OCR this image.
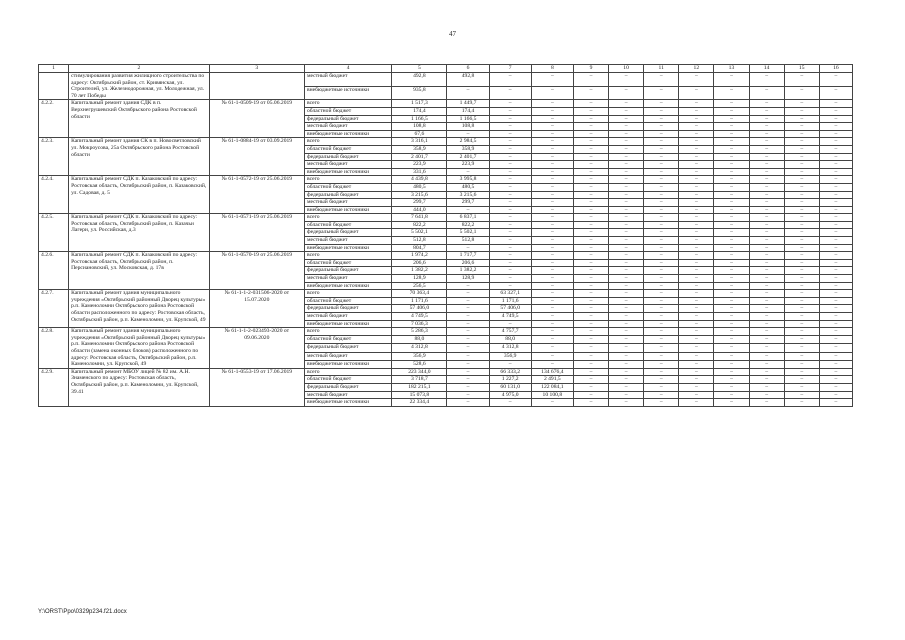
47
1	2	3	4	5	6	7	8	9	10	11	12	13	14	15	16
	стимулирования развития жилищного строительства по адресу: Октябрьский район, ст. Кривянская, ул. Строителей, ул. Железнодорожная, ул. Молодежная, ул. 70 лет Победы		местный бюджет	492,8	492,8	–	–	–	–	–	–	–	–	–	–
			внебюджетные источники	935,8	–	–	–	–	–	–	–	–	–	–	–
4.2.2.	Капитальный ремонт здания СДК в п. Верхнегрушевский Октябрьского района Ростовской области	№ 61-1-0509-19 от 05.06.2019	всего	1 517,3	1 449,7	–	–	–	–	–	–	–	–	–	–
			областной бюджет	174,4	174,4	–	–	–	–	–	–	–	–	–	–
			федеральный бюджет	1 166,5	1 166,5	–	–	–	–	–	–	–	–	–	–
			местный бюджет	108,8	108,8	–	–	–	–	–	–	–	–	–	–
			внебюджетные источники	67,6	–	–	–	–	–	–	–	–	–	–	–
4.2.3.	Капитальный ремонт здания СК в п. Новосветловский ул. Мокроусова, 25а Октябрьского района Ростовской области	№ 61-1-0884-19 от 03.09.2019	всего	3 316,1	2 984,5	–	–	–	–	–	–	–	–	–	–
			областной бюджет	358,9	358,9	–	–	–	–	–	–	–	–	–	–
			федеральный бюджет	2 401,7	2 401,7	–	–	–	–	–	–	–	–	–	–
			местный бюджет	223,9	223,9	–	–	–	–	–	–	–	–	–	–
			внебюджетные источники	331,6	–	–	–	–	–	–	–	–	–	–	–
4.2.4.	Капитальный ремонт СДК п. Казаковский по адресу: Ростовская область, Октябрьский район, п. Казаковский, ул. Садовая, д. 5	№ 61-1-0572-19 от 25.06.2019	всего	4 439,8	3 995,8	–	–	–	–	–	–	–	–	–	–
			областной бюджет	480,5	480,5	–	–	–	–	–	–	–	–	–	–
			федеральный бюджет	3 215,6	3 215,6	–	–	–	–	–	–	–	–	–	–
			местный бюджет	299,7	299,7	–	–	–	–	–	–	–	–	–	–
			внебюджетные источники	444,0	–	–	–	–	–	–	–	–	–	–	–
4.2.5.	Капитальный ремонт СДК п. Казаковский по адресу: Ростовская область, Октябрьский район, п. Казачьи Лагери, ул. Российская, д.3	№ 61-1-0571-19 от 25.06.2019	всего	7 641,8	6 837,1	–	–	–	–	–	–	–	–	–	–
			областной бюджет	822,2	822,2	–	–	–	–	–	–	–	–	–	–
			федеральный бюджет	5 502,1	5 502,1	–	–	–	–	–	–	–	–	–	–
			местный бюджет	512,8	512,8	–	–	–	–	–	–	–	–	–	–
			внебюджетные источники	804,7	–	–	–	–	–	–	–	–	–	–	–
4.2.6.	Капитальный ремонт СДК п. Казаковский по адресу: Ростовская область, Октябрьский район, п. Персиановский, ул. Московская, д. 17в	№ 61-1-0570-19 от 25.06.2019	всего	1 974,2	1 717,7	–	–	–	–	–	–	–	–	–	–
			областной бюджет	206,6	206,6	–	–	–	–	–	–	–	–	–	–
			федеральный бюджет	1 382,2	1 382,2	–	–	–	–	–	–	–	–	–	–
			местный бюджет	128,9	128,9	–	–	–	–	–	–	–	–	–	–
			внебюджетные источники	256,5	–	–	–	–	–	–	–	–	–	–	–
4.2.7.	Капитальный ремонт здания муниципального учреждения «Октябрьский районный Дворец культуры» р.п. Каменоломни Октябрьского района Ростовской области расположенного по адресу: Ростовская область, Октябрьский район, р.п. Каменоломни, ул. Крупской, 49	№ 61-1-1-2-031506-2020 от 15.07.2020	всего	70 363,4	–	63 327,1	–	–	–	–	–	–	–	–	–
			областной бюджет	1 171,6	–	1 171,6	–	–	–	–	–	–	–	–	–
			федеральный бюджет	57 406,0	–	57 406,0	–	–	–	–	–	–	–	–	–
			местный бюджет	4 749,5	–	4 749,5	–	–	–	–	–	–	–	–	–
			внебюджетные источники	7 036,3	–	–	–	–	–	–	–	–	–	–	–
4.2.8.	Капитальный ремонт здания муниципального учреждения «Октябрьский районный Дворец культуры» р.п. Каменоломни Октябрьского района Ростовской области (замена оконных блоков) расположенного по адресу: Ростовская область, Октябрьский район, р.п. Каменоломни, ул. Крупской, 49	№ 61-1-1-2-023493-2020 от 09.06.2020	всего	5 286,3	–	4 757,7	–	–	–	–	–	–	–	–	–
			областной бюджет	88,0	–	88,0	–	–	–	–	–	–	–	–	–
			федеральный бюджет	4 312,8	–	4 312,8	–	–	–	–	–	–	–	–	–
			местный бюджет	356,9	–	356,9	–	–	–	–	–	–	–	–	–
			внебюджетные источники	528,6	–	–	–	–	–	–	–	–	–	–	–
4.2.9.	Капитальный ремонт МБОУ лицей № 82 им. А.Н. Знаменского по адресу: Ростовская область, Октябрьский район, р.п. Каменоломни, ул. Крупской, 39.41	№ 61-1-0553-19 от 17.06.2019	всего	223 344,0	–	66 333,2	134 676,4	–	–	–	–	–	–	–	–
			областной бюджет	3 718,7	–	1 227,2	2 491,5	–	–	–	–	–	–	–	–
			федеральный бюджет	182 215,1	–	60 131,0	122 084,1	–	–	–	–	–	–	–	–
			местный бюджет	15 073,8	–	4 975,0	10 100,8	–	–	–	–	–	–	–	–
			внебюджетные источники	22 334,4	–	–	–	–	–	–	–	–	–	–	–
Y:\ORST\Ppo\0329p234.f21.docx
